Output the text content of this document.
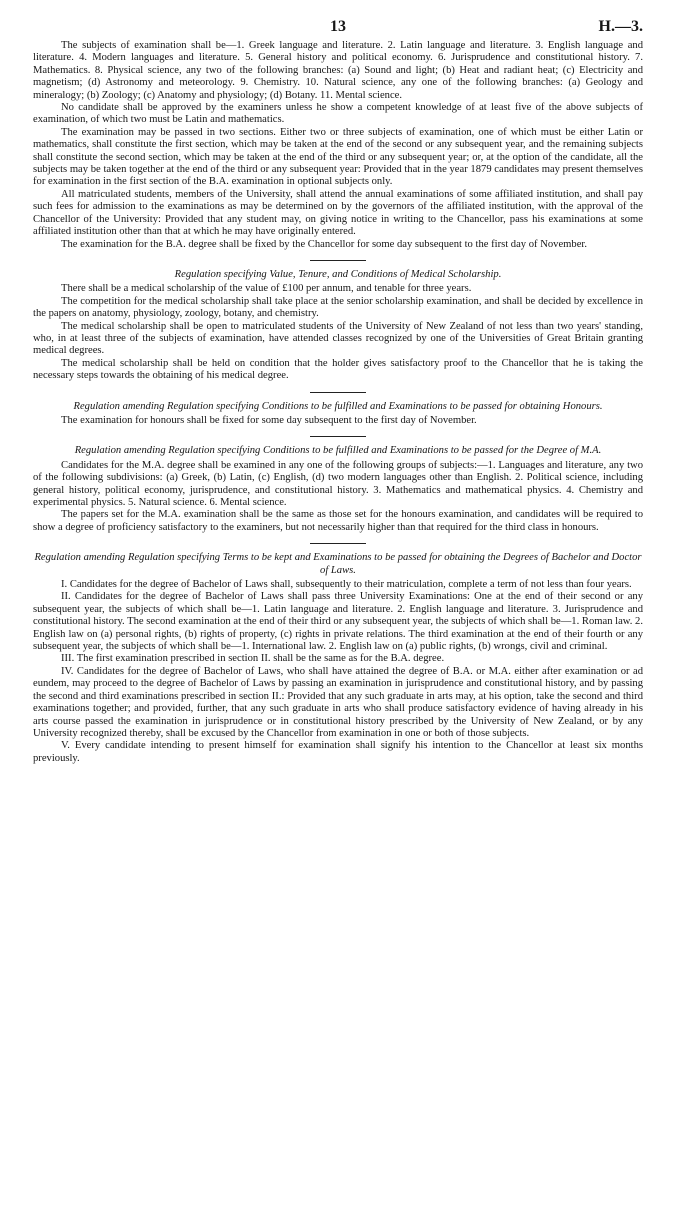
13	H.—3.

The subjects of examination shall be—1. Greek language and literature. 2. Latin language and literature. 3. English language and literature. 4. Modern languages and literature. 5. General history and political economy. 6. Jurisprudence and constitutional history. 7. Mathematics. 8. Physical science, any two of the following branches: (a) Sound and light; (b) Heat and radiant heat; (c) Electricity and magnetism; (d) Astronomy and meteorology. 9. Chemistry. 10. Natural science, any one of the following branches: (a) Geology and mineralogy; (b) Zoology; (c) Anatomy and physiology; (d) Botany. 11. Mental science.

No candidate shall be approved by the examiners unless he show a competent knowledge of at least five of the above subjects of examination, of which two must be Latin and mathematics.

The examination may be passed in two sections. Either two or three subjects of examination, one of which must be either Latin or mathematics, shall constitute the first section, which may be taken at the end of the second or any subsequent year, and the remaining subjects shall constitute the second section, which may be taken at the end of the third or any subsequent year; or, at the option of the candidate, all the subjects may be taken together at the end of the third or any subsequent year: Provided that in the year 1879 candidates may present themselves for examination in the first section of the B.A. examination in optional subjects only.

All matriculated students, members of the University, shall attend the annual examinations of some affiliated institution, and shall pay such fees for admission to the examinations as may be determined on by the governors of the affiliated institution, with the approval of the Chancellor of the University: Provided that any student may, on giving notice in writing to the Chancellor, pass his examinations at some affiliated institution other than that at which he may have originally entered.

The examination for the B.A. degree shall be fixed by the Chancellor for some day subsequent to the first day of November.

Regulation specifying Value, Tenure, and Conditions of Medical Scholarship.

There shall be a medical scholarship of the value of £100 per annum, and tenable for three years.

The competition for the medical scholarship shall take place at the senior scholarship examination, and shall be decided by excellence in the papers on anatomy, physiology, zoology, botany, and chemistry.

The medical scholarship shall be open to matriculated students of the University of New Zealand of not less than two years' standing, who, in at least three of the subjects of examination, have attended classes recognized by one of the Universities of Great Britain granting medical degrees.

The medical scholarship shall be held on condition that the holder gives satisfactory proof to the Chancellor that he is taking the necessary steps towards the obtaining of his medical degree.

Regulation amending Regulation specifying Conditions to be fulfilled and Examinations to be passed for obtaining Honours.

The examination for honours shall be fixed for some day subsequent to the first day of November.

Regulation amending Regulation specifying Conditions to be fulfilled and Examinations to be passed for the Degree of M.A.

Candidates for the M.A. degree shall be examined in any one of the following groups of subjects:—1. Languages and literature, any two of the following subdivisions: (a) Greek, (b) Latin, (c) English, (d) two modern languages other than English. 2. Political science, including general history, political economy, jurisprudence, and constitutional history. 3. Mathematics and mathematical physics. 4. Chemistry and experimental physics. 5. Natural science. 6. Mental science.

The papers set for the M.A. examination shall be the same as those set for the honours examination, and candidates will be required to show a degree of proficiency satisfactory to the examiners, but not necessarily higher than that required for the third class in honours.

Regulation amending Regulation specifying Terms to be kept and Examinations to be passed for obtaining the Degrees of Bachelor and Doctor of Laws.

I. Candidates for the degree of Bachelor of Laws shall, subsequently to their matriculation, complete a term of not less than four years.

II. Candidates for the degree of Bachelor of Laws shall pass three University Examinations: One at the end of their second or any subsequent year, the subjects of which shall be—1. Latin language and literature. 2. English language and literature. 3. Jurisprudence and constitutional history. The second examination at the end of their third or any subsequent year, the subjects of which shall be—1. Roman law. 2. English law on (a) personal rights, (b) rights of property, (c) rights in private relations. The third examination at the end of their fourth or any subsequent year, the subjects of which shall be—1. International law. 2. English law on (a) public rights, (b) wrongs, civil and criminal.

III. The first examination prescribed in section II. shall be the same as for the B.A. degree.

IV. Candidates for the degree of Bachelor of Laws, who shall have attained the degree of B.A. or M.A. either after examination or ad eundem, may proceed to the degree of Bachelor of Laws by passing an examination in jurisprudence and constitutional history, and by passing the second and third examinations prescribed in section II.: Provided that any such graduate in arts may, at his option, take the second and third examinations together; and provided, further, that any such graduate in arts who shall produce satisfactory evidence of having already in his arts course passed the examination in jurisprudence or in constitutional history prescribed by the University of New Zealand, or by any University recognized thereby, shall be excused by the Chancellor from examination in one or both of those subjects.

V. Every candidate intending to present himself for examination shall signify his intention to the Chancellor at least six months previously.
